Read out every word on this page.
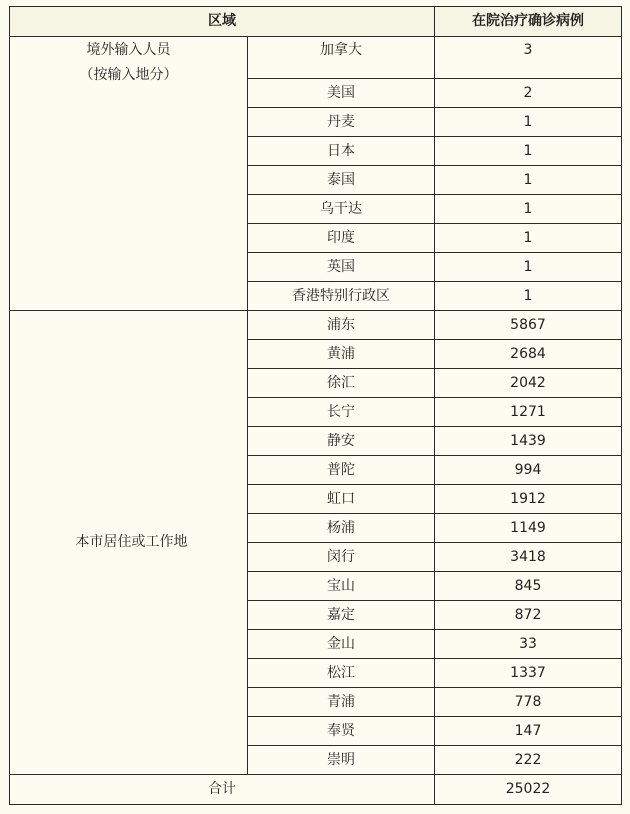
区域		在院治疗确诊病例

境外输入人员
（按输入地分）	加拿大	3
	美国	2
	丹麦	1
	日本	1
	泰国	1
	乌干达	1
	印度	1
	英国	1
	香港特别行政区	1

本市居住或工作地	浦东	5867
	黄浦	2684
	徐汇	2042
	长宁	1271
	静安	1439
	普陀	994
	虹口	1912
	杨浦	1149
	闵行	3418
	宝山	845
	嘉定	872
	金山	33
	松江	1337
	青浦	778
	奉贤	147
	崇明	222
合计		25022
